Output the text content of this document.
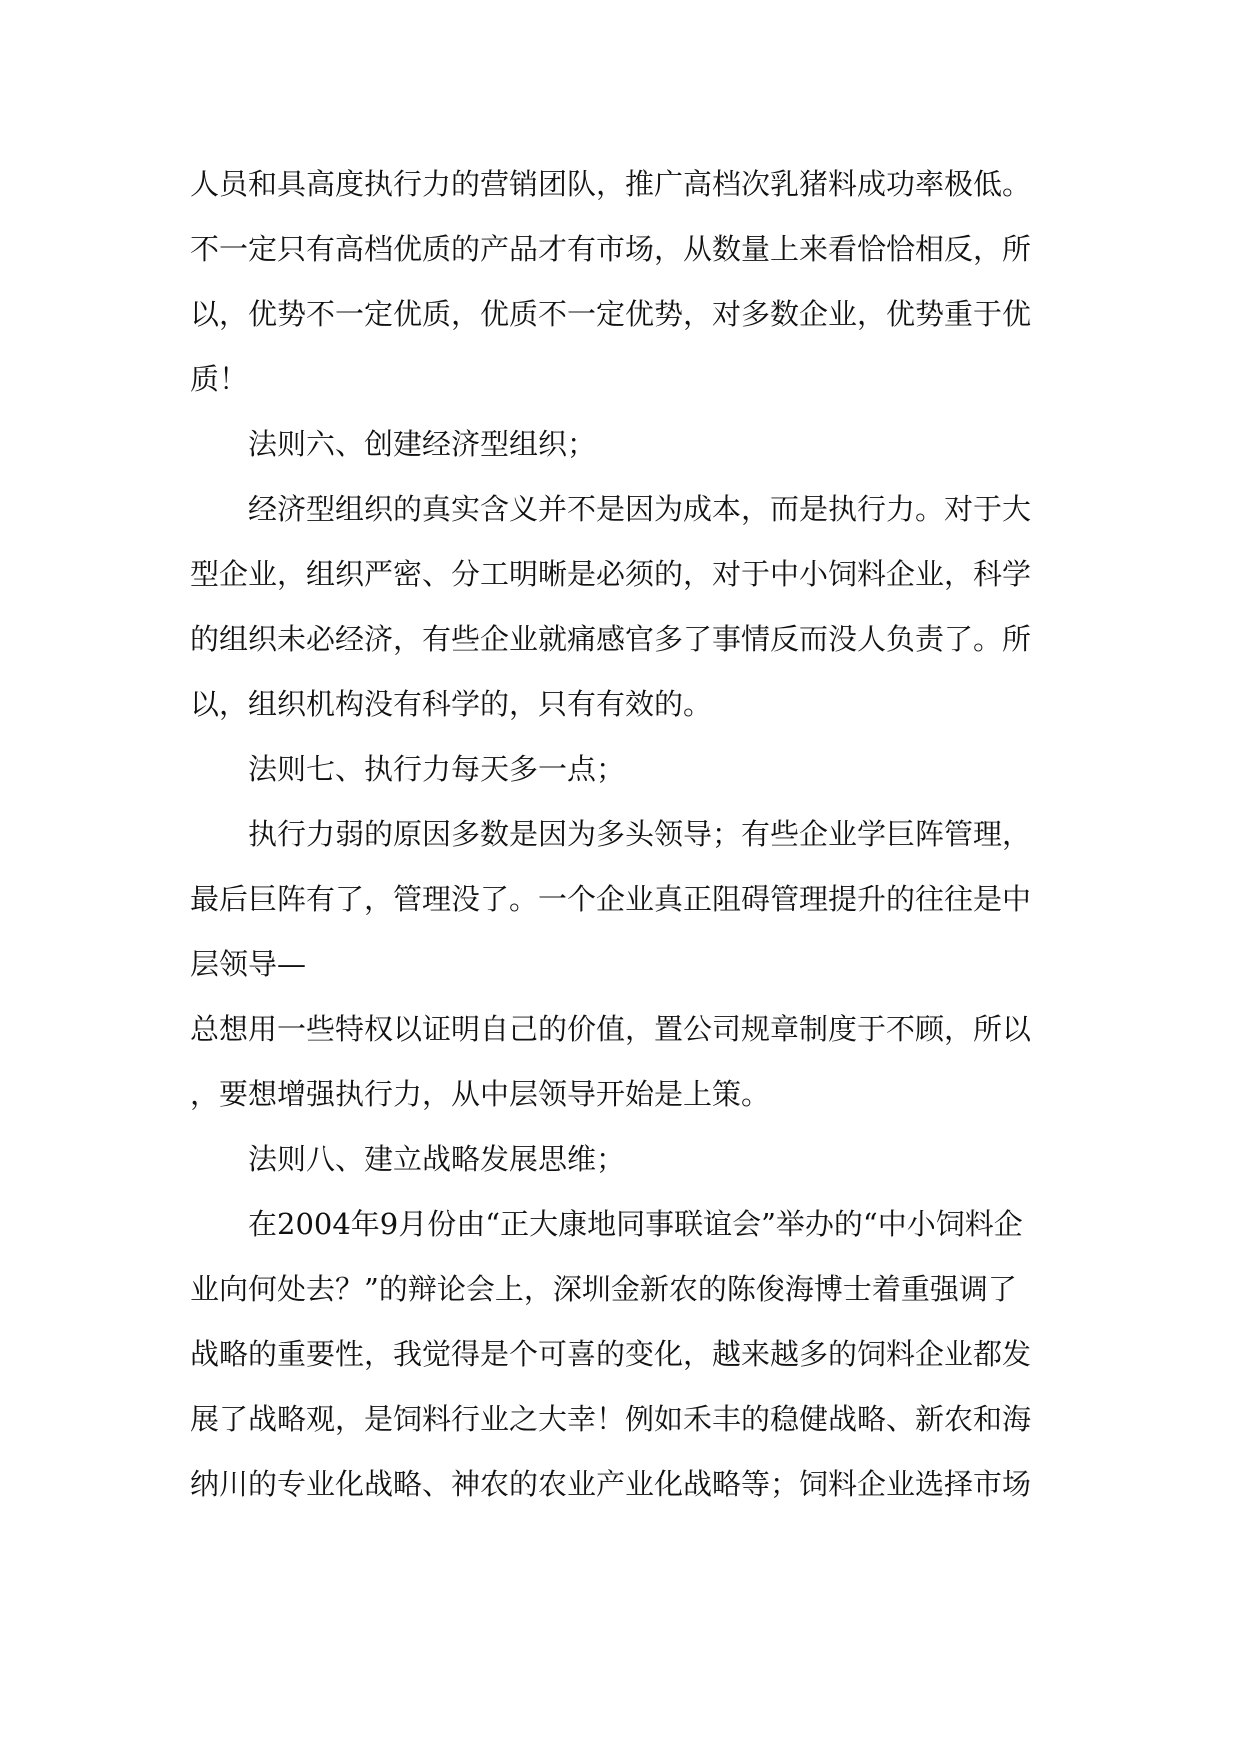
人员和具高度执行力的营销团队，推广高档次乳猪料成功率极低。
不一定只有高档优质的产品才有市场，从数量上来看恰恰相反，所
以，优势不一定优质，优质不一定优势，对多数企业，优势重于优
质！
法则六、创建经济型组织；
经济型组织的真实含义并不是因为成本，而是执行力。对于大
型企业，组织严密、分工明晰是必须的，对于中小饲料企业，科学
的组织未必经济，有些企业就痛感官多了事情反而没人负责了。所
以，组织机构没有科学的，只有有效的。
法则七、执行力每天多一点；
执行力弱的原因多数是因为多头领导；有些企业学巨阵管理，
最后巨阵有了，管理没了。一个企业真正阻碍管理提升的往往是中
层领导—
总想用一些特权以证明自己的价值，置公司规章制度于不顾，所以
，要想增强执行力，从中层领导开始是上策。
法则八、建立战略发展思维；
在2004年9月份由“正大康地同事联谊会”举办的“中小饲料企
业向何处去？”的辩论会上，深圳金新农的陈俊海博士着重强调了
战略的重要性，我觉得是个可喜的变化，越来越多的饲料企业都发
展了战略观，是饲料行业之大幸！例如禾丰的稳健战略、新农和海
纳川的专业化战略、神农的农业产业化战略等；饲料企业选择市场
